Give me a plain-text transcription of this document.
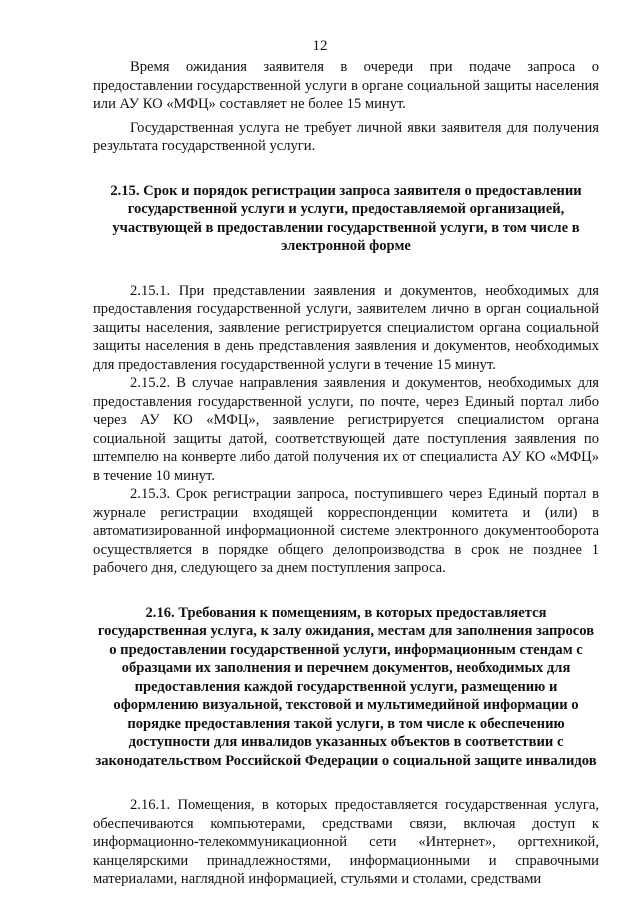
12

Время ожидания заявителя в очереди при подаче запроса о предоставлении государственной услуги в органе социальной защиты населения или АУ КО «МФЦ» составляет не более 15 минут.

Государственная услуга не требует личной явки заявителя для получения результата государственной услуги.

2.15. Срок и порядок регистрации запроса заявителя о предоставлении государственной услуги и услуги, предоставляемой организацией, участвующей в предоставлении государственной услуги, в том числе в электронной форме

2.15.1. При представлении заявления и документов, необходимых для предоставления государственной услуги, заявителем лично в орган социальной защиты населения, заявление регистрируется специалистом органа социальной защиты населения в день представления заявления и документов, необходимых для предоставления государственной услуги в течение 15 минут.

2.15.2. В случае направления заявления и документов, необходимых для предоставления государственной услуги, по почте, через Единый портал либо через АУ КО «МФЦ», заявление регистрируется специалистом органа социальной защиты датой, соответствующей дате поступления заявления по штемпелю на конверте либо датой получения их от специалиста АУ КО «МФЦ» в течение 10 минут.

2.15.3. Срок регистрации запроса, поступившего через Единый портал в журнале регистрации входящей корреспонденции комитета и (или) в автоматизированной информационной системе электронного документооборота осуществляется в порядке общего делопроизводства в срок не позднее 1 рабочего дня, следующего за днем поступления запроса.

2.16. Требования к помещениям, в которых предоставляется государственная услуга, к залу ожидания, местам для заполнения запросов о предоставлении государственной услуги, информационным стендам с образцами их заполнения и перечнем документов, необходимых для предоставления каждой государственной услуги, размещению и оформлению визуальной, текстовой и мультимедийной информации о порядке предоставления такой услуги, в том числе к обеспечению доступности для инвалидов указанных объектов в соответствии с законодательством Российской Федерации о социальной защите инвалидов

2.16.1. Помещения, в которых предоставляется государственная услуга, обеспечиваются компьютерами, средствами связи, включая доступ к информационно-телекоммуникационной сети «Интернет», оргтехникой, канцелярскими принадлежностями, информационными и справочными материалами, наглядной информацией, стульями и столами, средствами
